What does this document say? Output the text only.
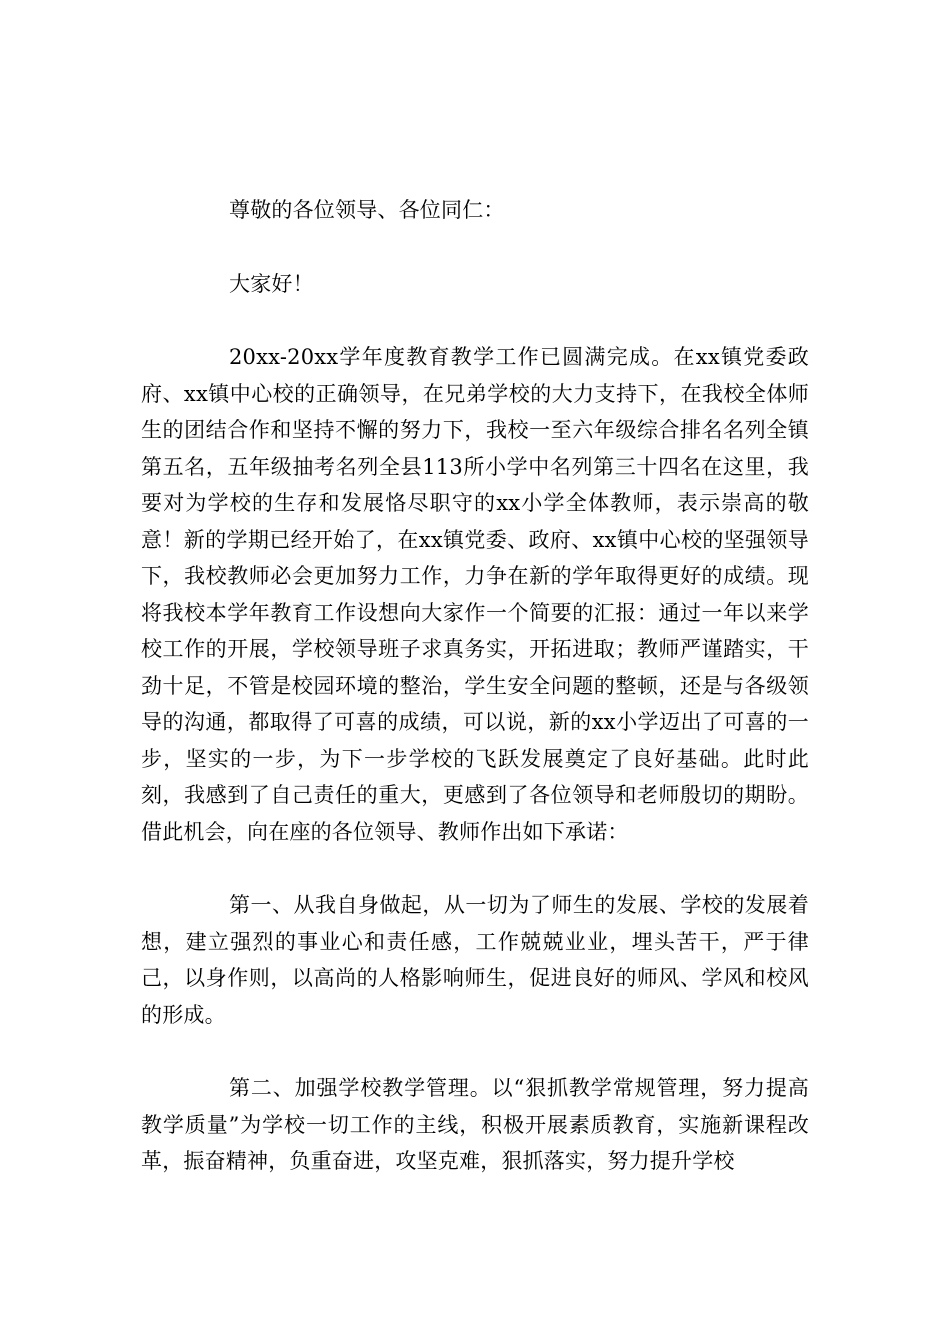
尊敬的各位领导、各位同仁：

大家好！

20xx-20xx学年度教育教学工作已圆满完成。在xx镇党委政府、xx镇中心校的正确领导，在兄弟学校的大力支持下，在我校全体师生的团结合作和坚持不懈的努力下，我校一至六年级综合排名名列全镇第五名，五年级抽考名列全县113所小学中名列第三十四名在这里，我要对为学校的生存和发展恪尽职守的xx小学全体教师，表示崇高的敬意！新的学期已经开始了，在xx镇党委、政府、xx镇中心校的坚强领导下，我校教师必会更加努力工作，力争在新的学年取得更好的成绩。现将我校本学年教育工作设想向大家作一个简要的汇报：通过一年以来学校工作的开展，学校领导班子求真务实，开拓进取；教师严谨踏实，干劲十足，不管是校园环境的整治，学生安全问题的整顿，还是与各级领导的沟通，都取得了可喜的成绩，可以说，新的xx小学迈出了可喜的一步，坚实的一步，为下一步学校的飞跃发展奠定了良好基础。此时此刻，我感到了自己责任的重大，更感到了各位领导和老师殷切的期盼。借此机会，向在座的各位领导、教师作出如下承诺：

第一、从我自身做起，从一切为了师生的发展、学校的发展着想，建立强烈的事业心和责任感，工作兢兢业业，埋头苦干，严于律己，以身作则，以高尚的人格影响师生，促进良好的师风、学风和校风的形成。

第二、加强学校教学管理。以“狠抓教学常规管理，努力提高教学质量”为学校一切工作的主线，积极开展素质教育，实施新课程改革，振奋精神，负重奋进，攻坚克难，狠抓落实，努力提升学校
